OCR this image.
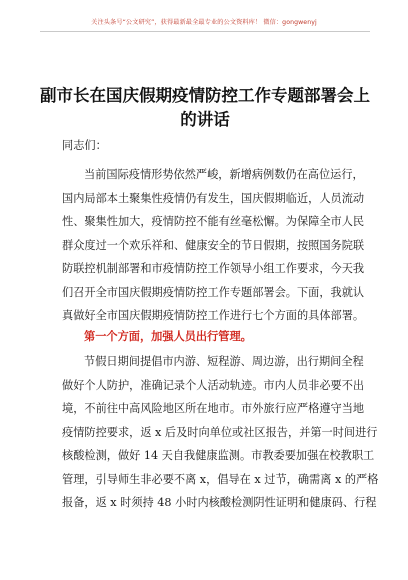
关注头条号“公文研究”，获得最新最全最专业的公文资料库！ 微信：gongwenyj
副市长在国庆假期疫情防控工作专题部署会上
的讲话
同志们：
当前国际疫情形势依然严峻，新增病例数仍在高位运行，
国内局部本土聚集性疫情仍有发生，国庆假期临近，人员流动
性、聚集性加大，疫情防控不能有丝毫松懈。为保障全市人民
群众度过一个欢乐祥和、健康安全的节日假期，按照国务院联
防联控机制部署和市疫情防控工作领导小组工作要求，今天我
们召开全市国庆假期疫情防控工作专题部署会。下面，我就认
真做好全市国庆假期疫情防控工作进行七个方面的具体部署。
第一个方面，加强人员出行管理。
节假日期间提倡市内游、短程游、周边游，出行期间全程
做好个人防护，准确记录个人活动轨迹。市内人员非必要不出
境，不前往中高风险地区所在地市。市外旅行应严格遵守当地
疫情防控要求，返 x 后及时向单位或社区报告，并第一时间进行
核酸检测，做好 14 天自我健康监测。市教委要加强在校教职工
管理，引导师生非必要不离 x，倡导在 x 过节，确需离 x 的严格
报备，返 x 时须持 48 小时内核酸检测阴性证明和健康码、行程
